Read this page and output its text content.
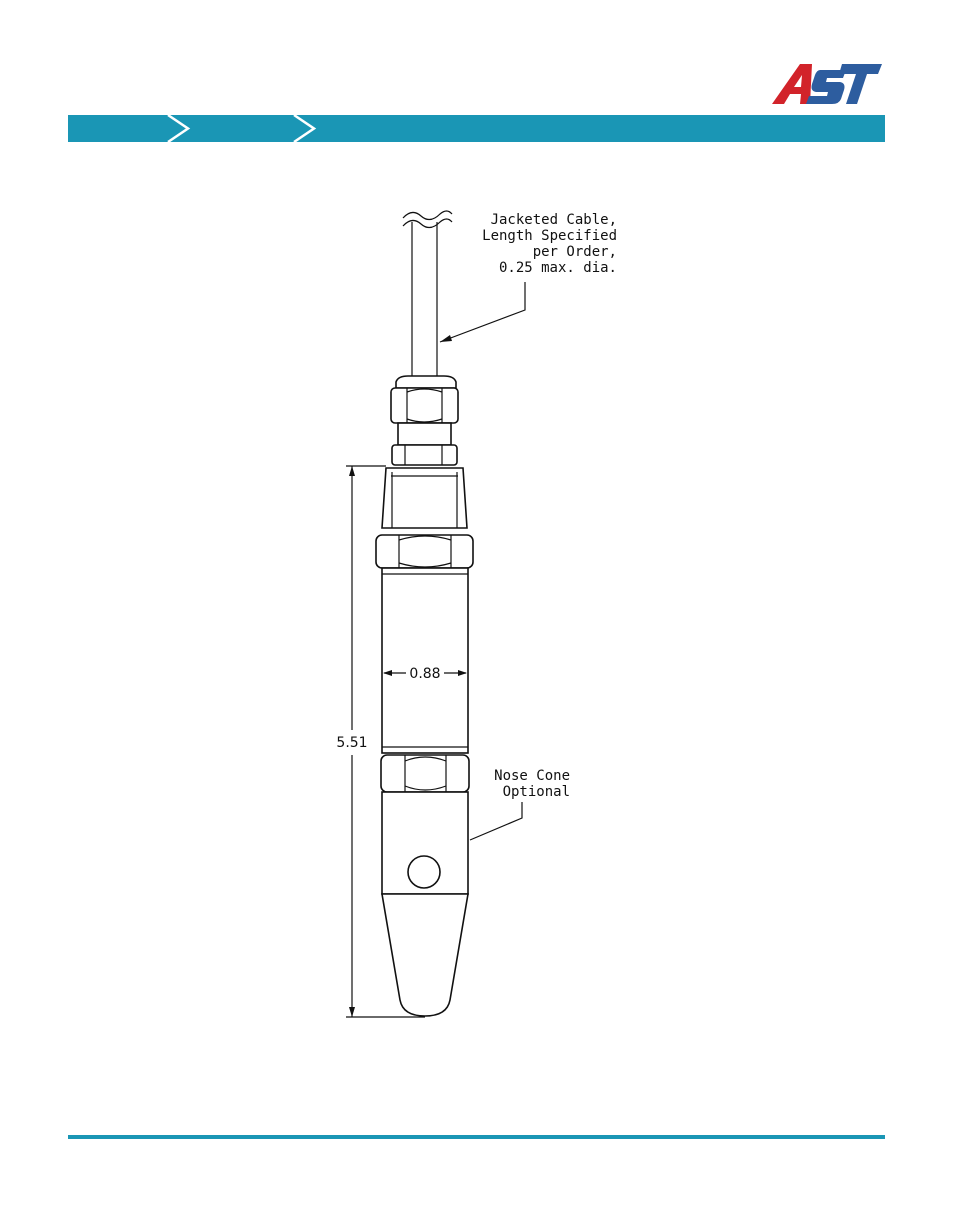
AST
Jacketed Cable,
Length Specified
per Order,
0.25 max. dia.
0.88
Nose Cone
Optional
5.51
